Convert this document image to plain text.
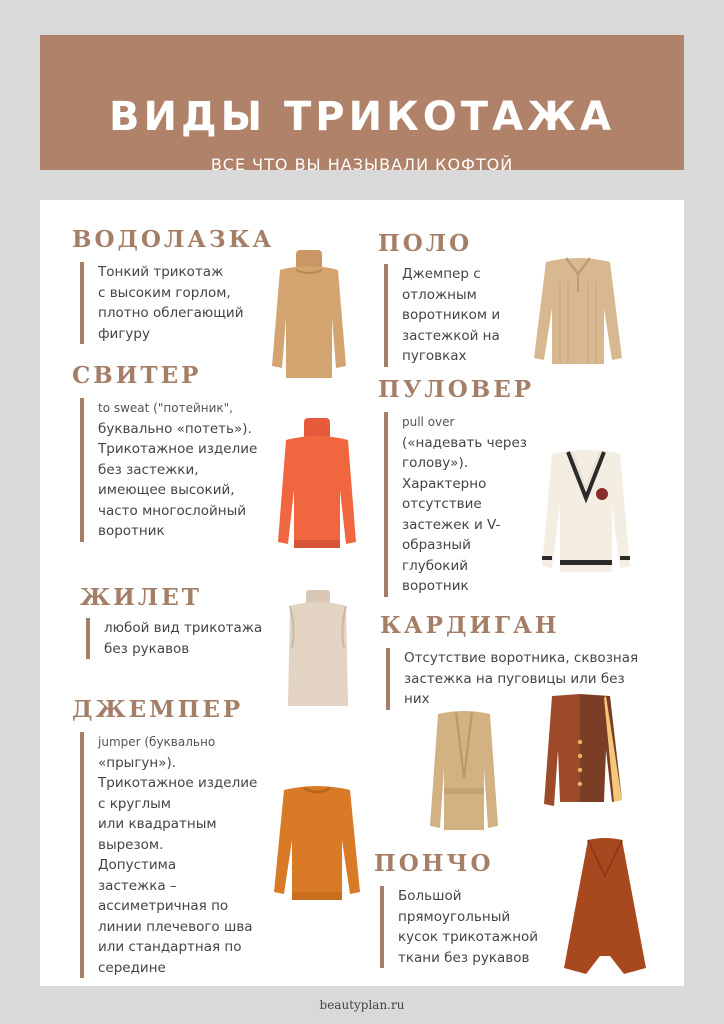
ВИДЫ ТРИКОТАЖА
ВСЕ ЧТО ВЫ НАЗЫВАЛИ КОФТОЙ
ВОДОЛАЗКА

Тонкий трикотаж

с высоким горлом,

плотно облегающий

фигуру

СВИТЕР

to sweat ("потейник",

буквально «потеть»).

Трикотажное изделие

без застежки,

имеющее высокий,

часто многослойный

воротник

ЖИЛЕТ

любой вид трикотажа

без рукавов

ДЖЕМПЕР

jumper (буквально

«прыгун»).

Трикотажное изделие

с круглым

или квадратным

вырезом.

Допустима

застежка –

ассиметричная по

линии плечевого шва

или стандартная по

середине

ПОЛО

Джемпер с

отложным

воротником и

застежкой на

пуговках

ПУЛОВЕР

pull over

(«надевать через

голову»).

Характерно

отсутствие

застежек и V-

образный

глубокий

воротник

КАРДИГАН

Отсутствие воротника, сквозная

застежка на пуговицы или без

них

ПОНЧО

Большой

прямоугольный

кусок трикотажной

ткани без рукавов

beautyplan.ru
